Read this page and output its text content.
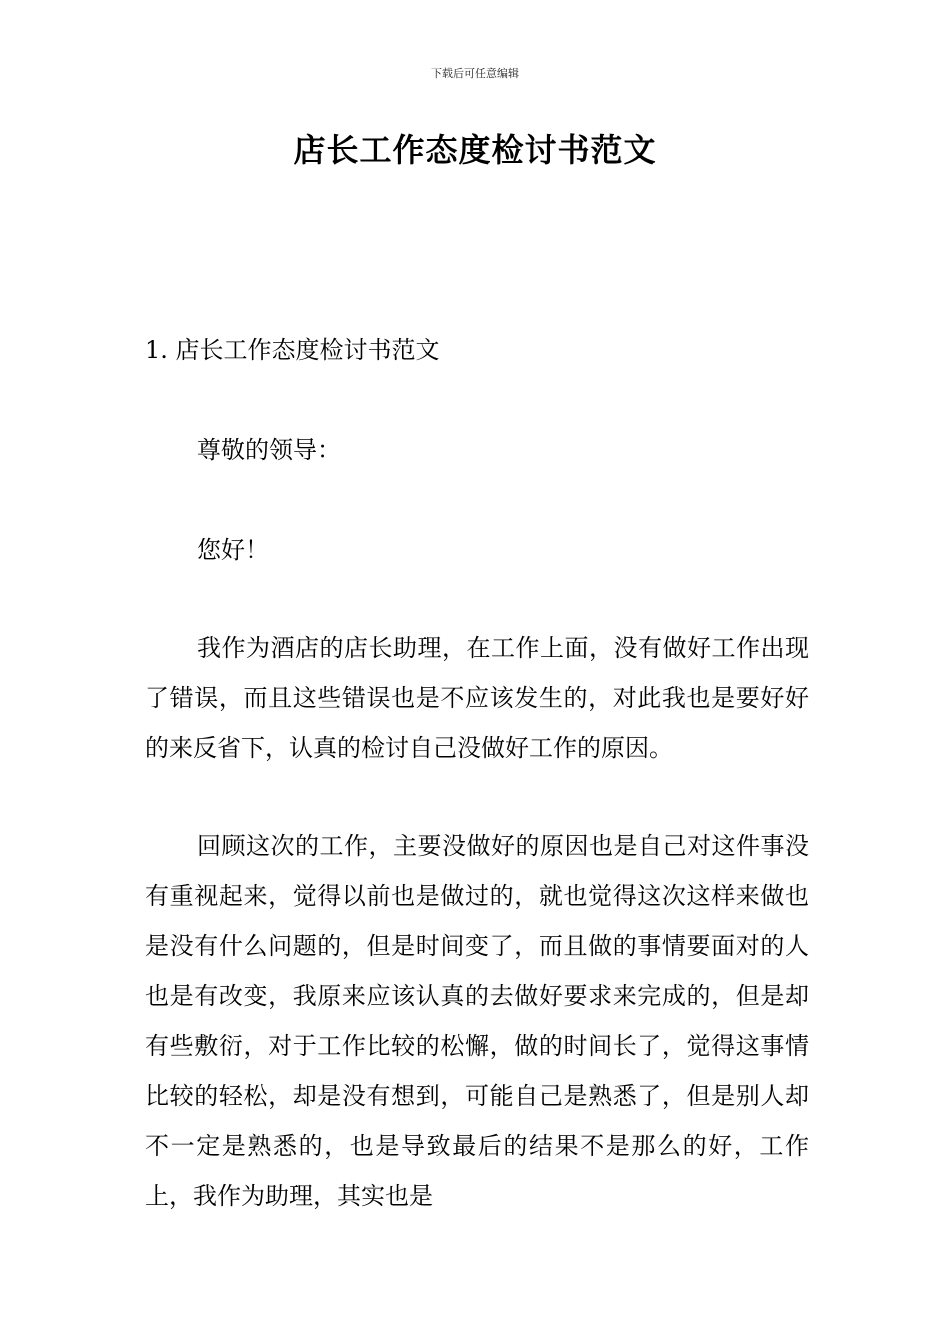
下载后可任意编辑
店长工作态度检讨书范文
1. 店长工作态度检讨书范文

尊敬的领导：

您好！

我作为酒店的店长助理，在工作上面，没有做好工作出现了错误，而且这些错误也是不应该发生的，对此我也是要好好的来反省下，认真的检讨自己没做好工作的原因。

回顾这次的工作，主要没做好的原因也是自己对这件事没有重视起来，觉得以前也是做过的，就也觉得这次这样来做也是没有什么问题的，但是时间变了，而且做的事情要面对的人也是有改变，我原来应该认真的去做好要求来完成的，但是却有些敷衍，对于工作比较的松懈，做的时间长了，觉得这事情比较的轻松，却是没有想到，可能自己是熟悉了，但是别人却不一定是熟悉的，也是导致最后的结果不是那么的好，工作上，我作为助理，其实也是
